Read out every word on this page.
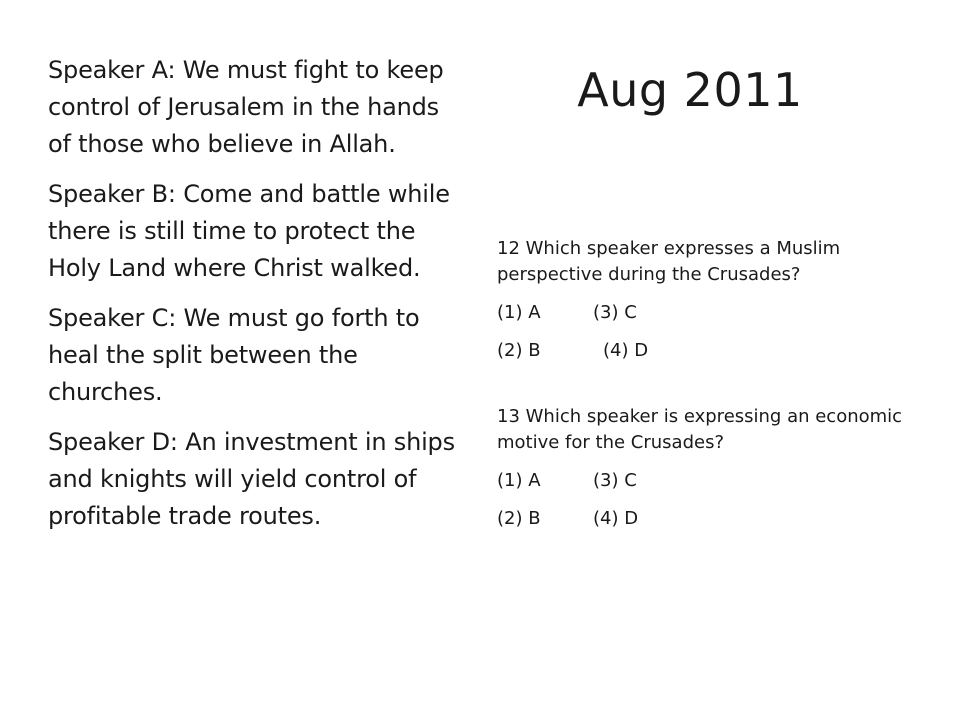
Speaker A: We must fight to keep control of Jerusalem in the hands of those who believe in Allah.

Speaker B: Come and battle while there is still time to protect the Holy Land where Christ walked.

Speaker C: We must go forth to heal the split between the churches.

Speaker D: An investment in ships and knights will yield control of profitable trade routes.

Aug 2011

12 Which speaker expresses a Muslim perspective during the Crusades?

(1) A	(3) C
(2) B	(4) D

13 Which speaker is expressing an economic motive for the Crusades?

(1) A	(3) C
(2) B	(4) D
